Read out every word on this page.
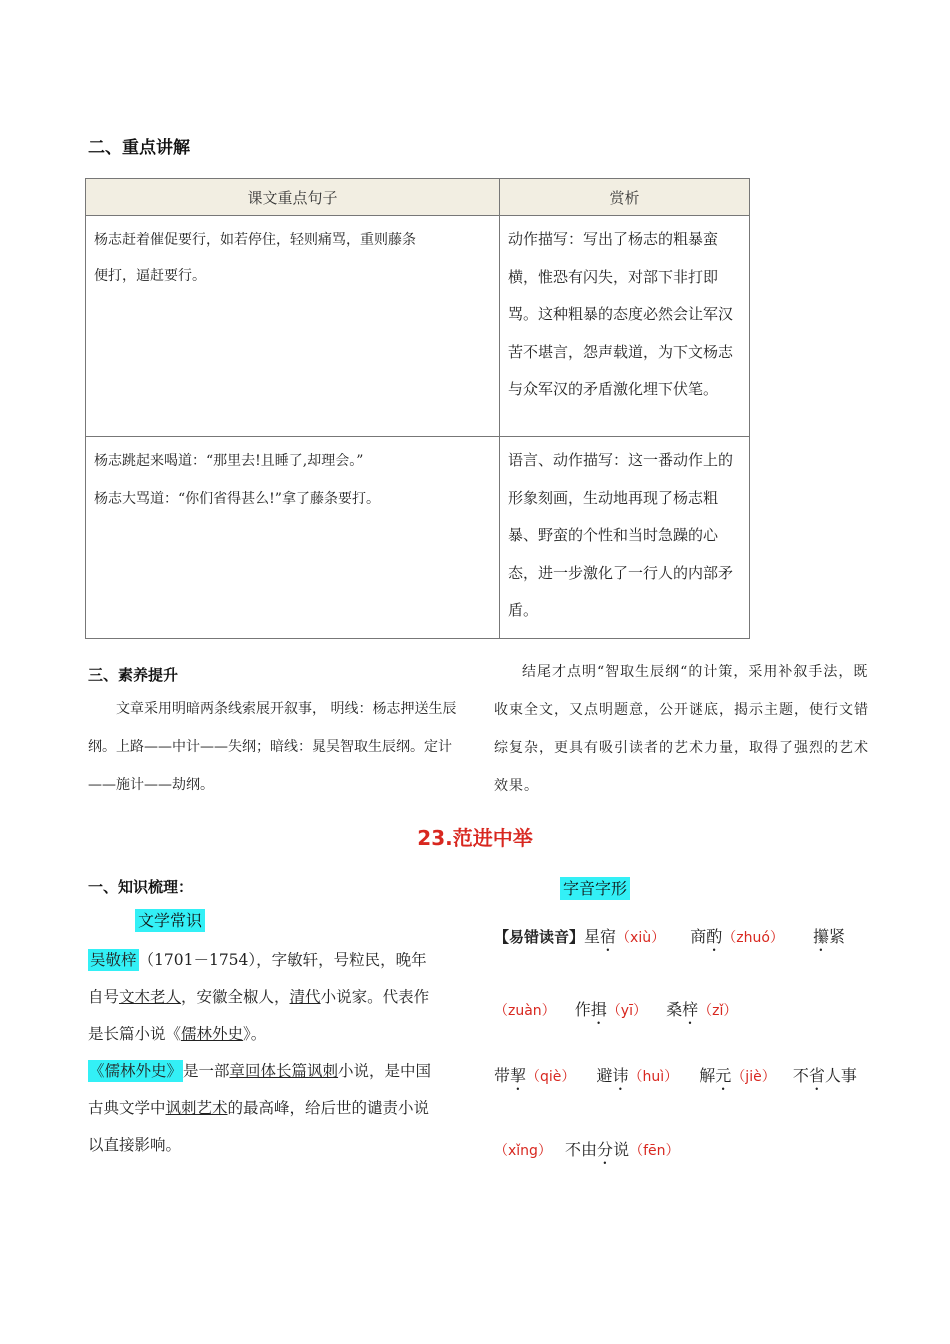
二、重点讲解
课文重点句子	赏析

杨志赶着催促要行，如若停住，轻则痛骂，重则藤条
便打，逼赶要行。	动作描写：写出了杨志的粗暴蛮横，惟恐有闪失，对部下非打即骂。这种粗暴的态度必然会让军汉苦不堪言，怨声载道，为下文杨志与众军汉的矛盾激化埋下伏笔。

杨志跳起来喝道：“那里去!且睡了,却理会。”
杨志大骂道：“你们省得甚么!”拿了藤条要打。	语言、动作描写：这一番动作上的形象刻画，生动地再现了杨志粗暴、野蛮的个性和当时急躁的心态，进一步激化了一行人的内部矛盾。
三、素养提升
文章采用明暗两条线索展开叙事， 明线：杨志押送生辰纲。上路——中计——失纲；暗线：晁吴智取生辰纲。定计——施计——劫纲。
结尾才点明“智取生辰纲“的计策，采用补叙手法，既收束全文，又点明题意，公开谜底，揭示主题，使行文错综复杂，更具有吸引读者的艺术力量，取得了强烈的艺术效果。
23.范进中举
一、知识梳理：
文学常识
吴敬梓 （1701－1754），字敏轩，号粒民，晚年
自号文木老人，安徽全椒人，清代小说家。代表作
是长篇小说《儒林外史》。
《儒林外史》是一部章回体长篇讽刺小说，是中国
古典文学中讽刺艺术的最高峰，给后世的谴责小说
以直接影响。
字音字形
【易错读音】星宿（xiù） 商酌（zhuó） 攥紧
（zuàn） 作揖（yī） 桑梓（zǐ）
带挈（qiè） 避讳（huì） 解元（jiè） 不省人事
（xǐng） 不由分说（fēn）
